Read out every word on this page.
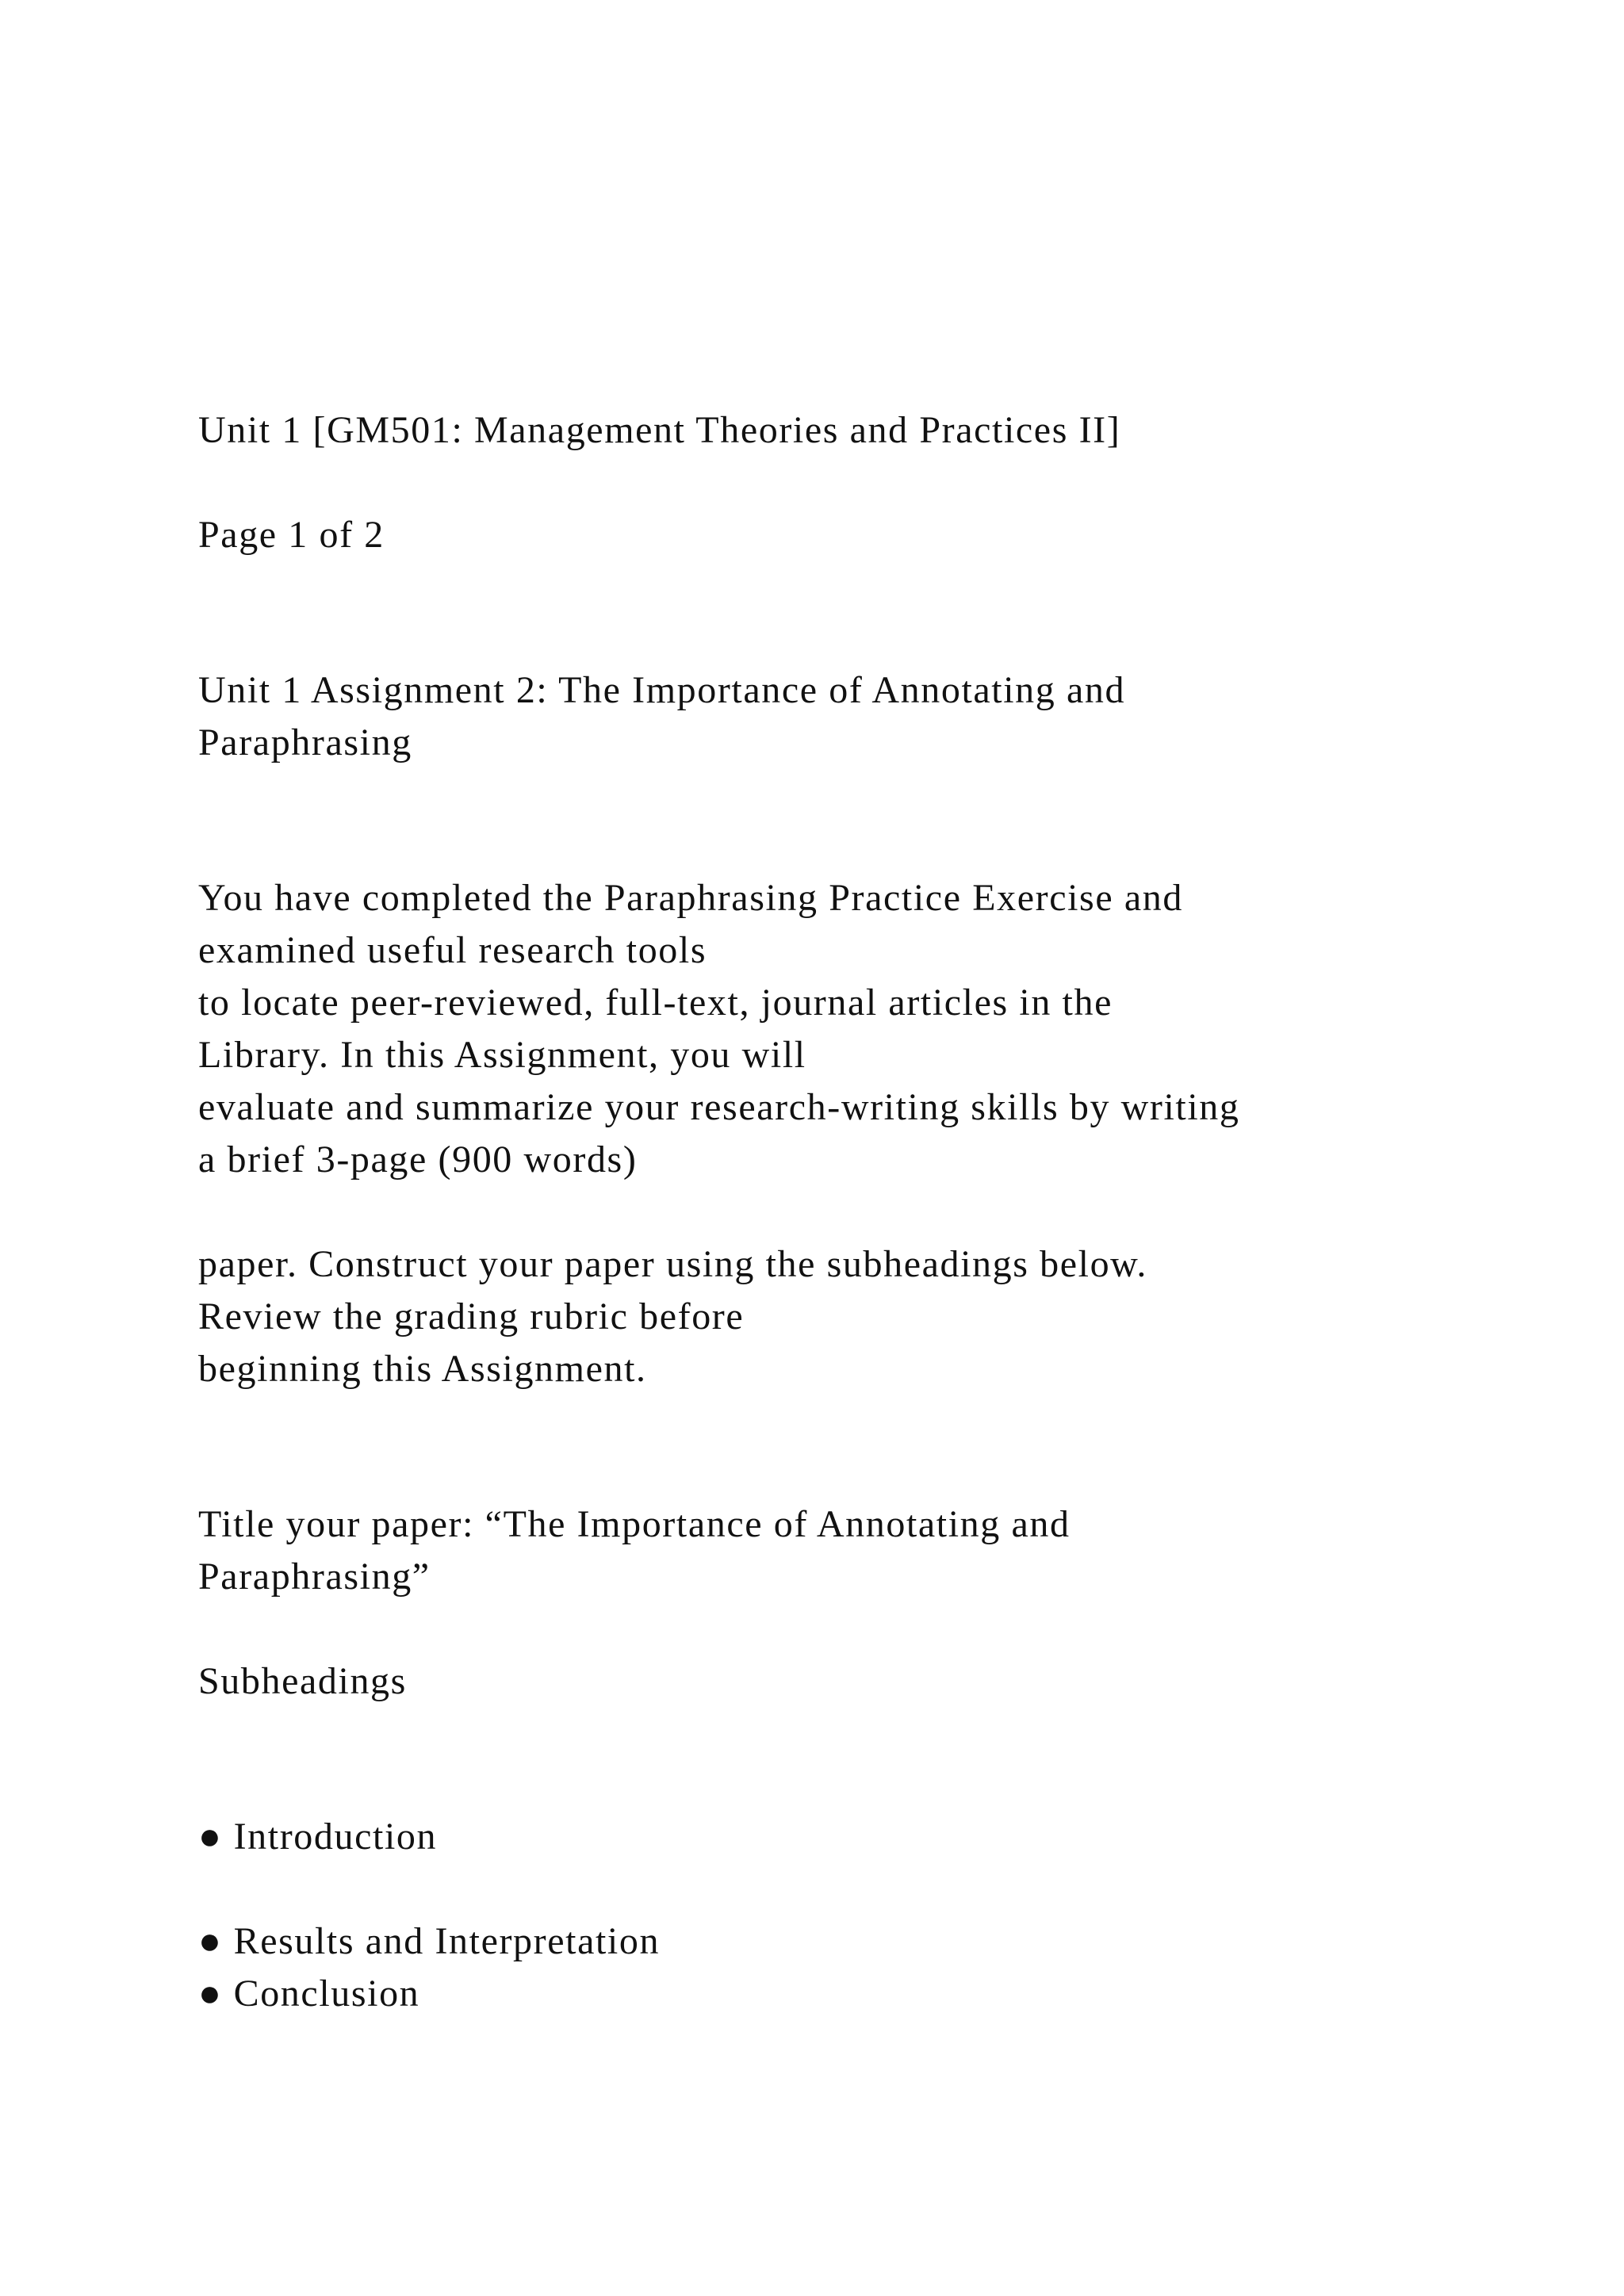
Unit 1 [GM501: Management Theories and Practices II]
Page 1 of 2
Unit 1 Assignment 2: The Importance of Annotating and
Paraphrasing
You have completed the Paraphrasing Practice Exercise and
examined useful research tools
to locate peer-reviewed, full-text, journal articles in the
Library. In this Assignment, you will
evaluate and summarize your research-writing skills by writing
a brief 3-page (900 words)
paper. Construct your paper using the subheadings below.
Review the grading rubric before
beginning this Assignment.
Title your paper: “The Importance of Annotating and
Paraphrasing”
Subheadings
● Introduction
● Results and Interpretation
● Conclusion
